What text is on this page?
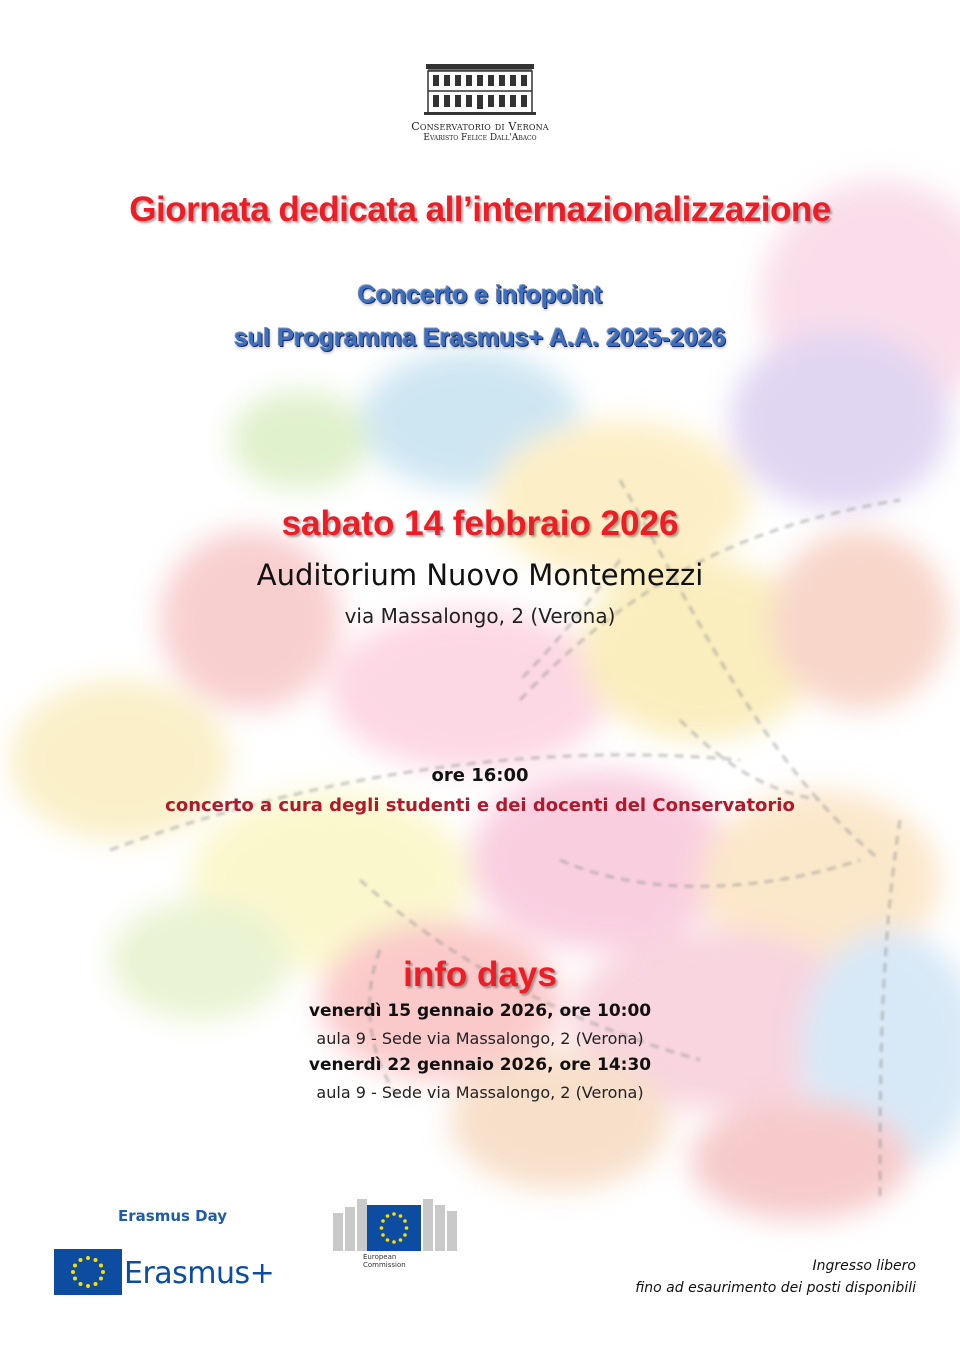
Conservatorio di Verona
Evaristo Felice Dall'Abaco
Giornata dedicata all’internazionalizzazione
Concerto e infopoint
sul Programma Erasmus+ A.A. 2025-2026
sabato 14 febbraio 2026
Auditorium Nuovo Montemezzi
via Massalongo, 2 (Verona)
ore 16:00
concerto a cura degli studenti e dei docenti del Conservatorio
info days
venerdì 15 gennaio 2026, ore 10:00
aula 9 - Sede via Massalongo, 2 (Verona)
venerdì 22 gennaio 2026, ore 14:30
aula 9 - Sede via Massalongo, 2 (Verona)
Erasmus Day
Erasmus+	European
Commission	Ingresso libero
fino ad esaurimento dei posti disponibili
